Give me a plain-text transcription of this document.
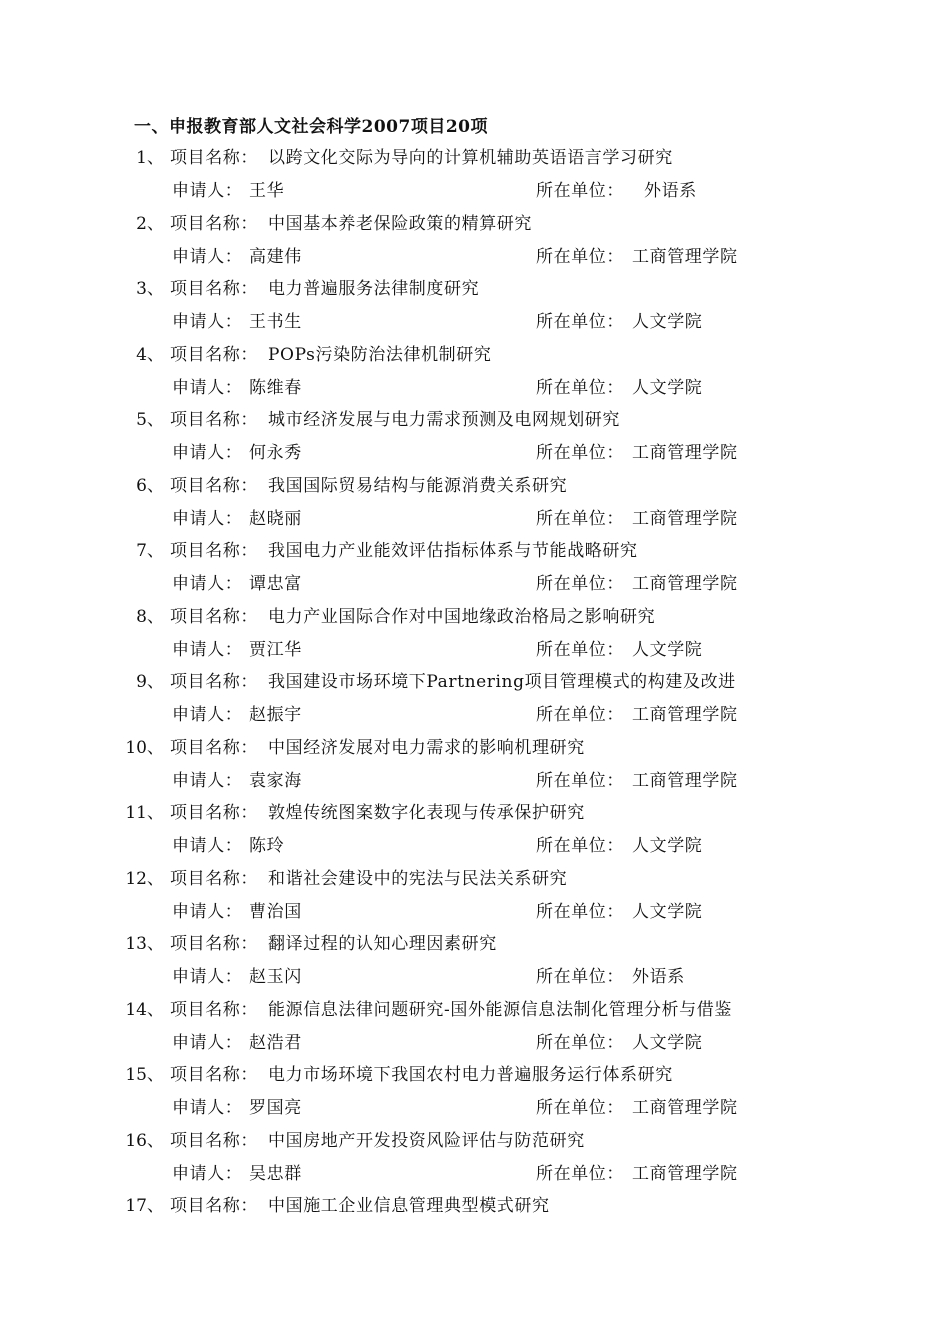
一、申报教育部人文社会科学2007项目20项
1、 项目名称： 以跨文化交际为导向的计算机辅助英语语言学习研究
申请人： 王华	所在单位： 外语系
2、 项目名称： 中国基本养老保险政策的精算研究
申请人： 高建伟	所在单位： 工商管理学院
3、 项目名称： 电力普遍服务法律制度研究
申请人： 王书生	所在单位： 人文学院
4、 项目名称： POPs污染防治法律机制研究
申请人： 陈维春	所在单位： 人文学院
5、 项目名称： 城市经济发展与电力需求预测及电网规划研究
申请人： 何永秀	所在单位： 工商管理学院
6、 项目名称： 我国国际贸易结构与能源消费关系研究
申请人： 赵晓丽	所在单位： 工商管理学院
7、 项目名称： 我国电力产业能效评估指标体系与节能战略研究
申请人： 谭忠富	所在单位： 工商管理学院
8、 项目名称： 电力产业国际合作对中国地缘政治格局之影响研究
申请人： 贾江华	所在单位： 人文学院
9、 项目名称： 我国建设市场环境下Partnering项目管理模式的构建及改进
申请人： 赵振宇	所在单位： 工商管理学院
10、 项目名称： 中国经济发展对电力需求的影响机理研究
申请人： 袁家海	所在单位： 工商管理学院
11、 项目名称： 敦煌传统图案数字化表现与传承保护研究
申请人： 陈玲	所在单位： 人文学院
12、 项目名称： 和谐社会建设中的宪法与民法关系研究
申请人： 曹治国	所在单位： 人文学院
13、 项目名称： 翻译过程的认知心理因素研究
申请人： 赵玉闪	所在单位： 外语系
14、 项目名称： 能源信息法律问题研究-国外能源信息法制化管理分析与借鉴
申请人： 赵浩君	所在单位： 人文学院
15、 项目名称： 电力市场环境下我国农村电力普遍服务运行体系研究
申请人： 罗国亮	所在单位： 工商管理学院
16、 项目名称： 中国房地产开发投资风险评估与防范研究
申请人： 吴忠群	所在单位： 工商管理学院
17、 项目名称： 中国施工企业信息管理典型模式研究
